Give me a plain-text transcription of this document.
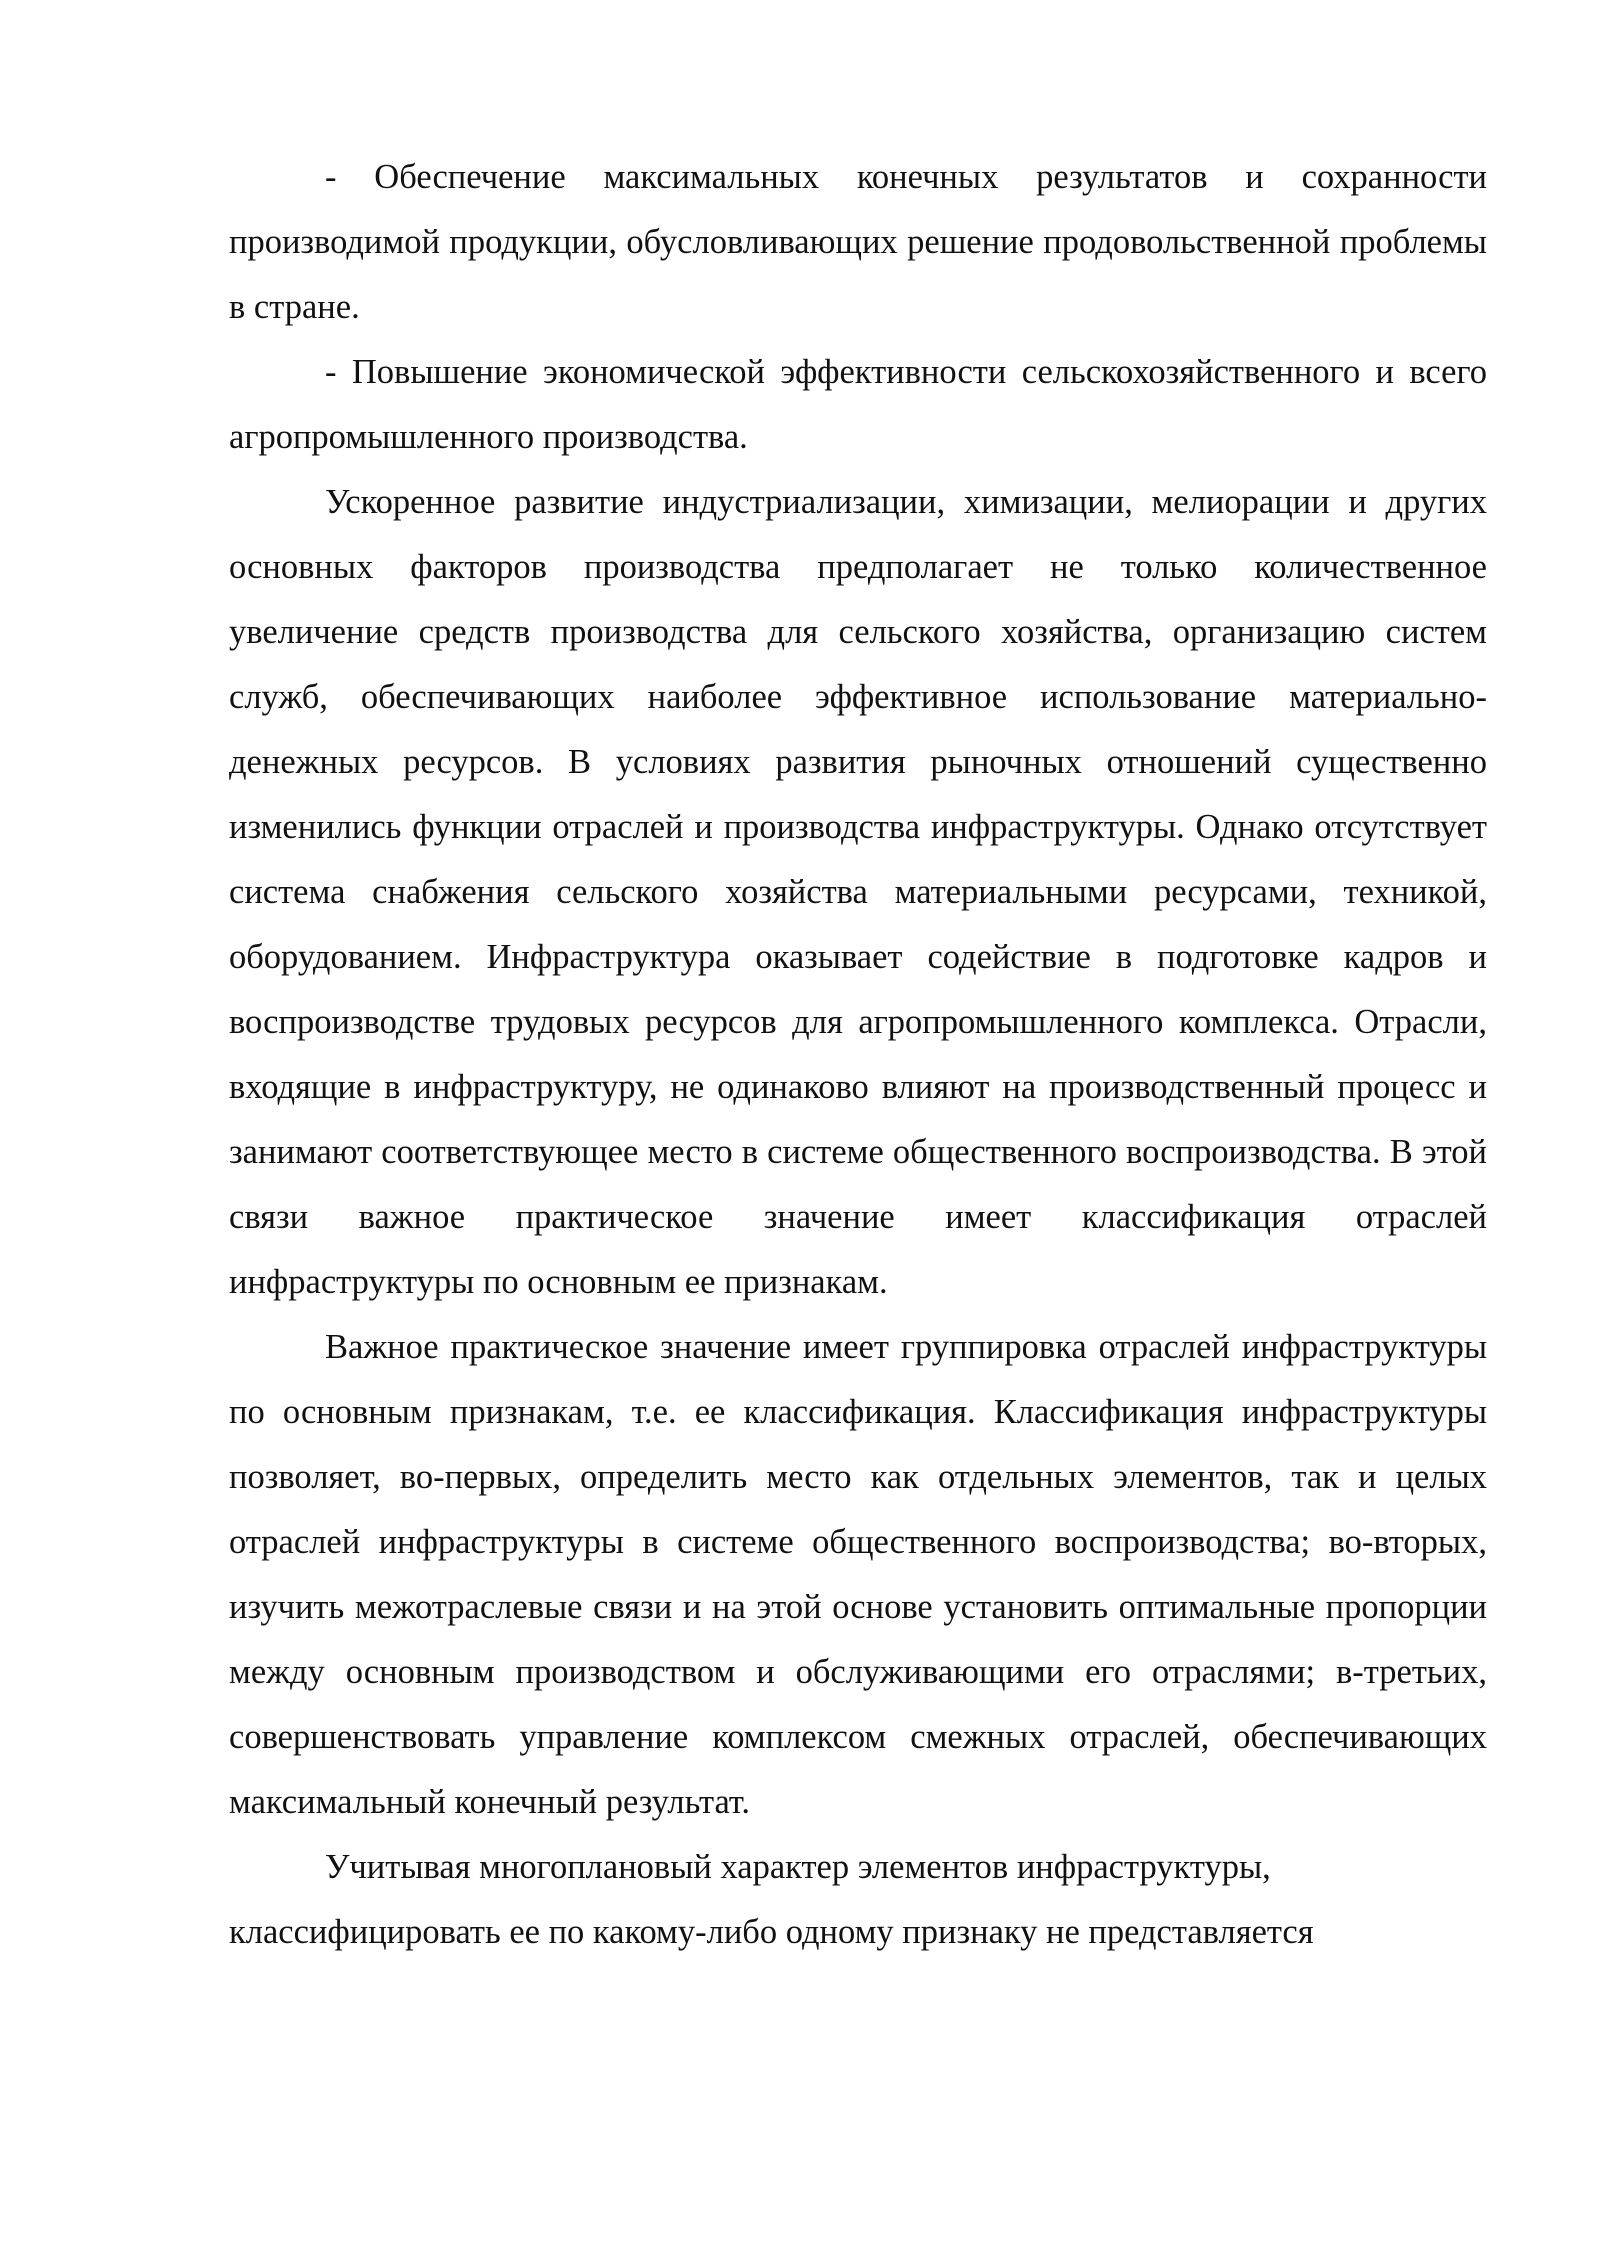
- Обеспечение максимальных конечных результатов и сохранности производимой продукции, обусловливающих решение продовольственной проблемы в стране.

- Повышение экономической эффективности сельскохозяйственного и всего агропромышленного производства.

Ускоренное развитие индустриализации, химизации, мелиорации и других основных факторов производства предполагает не только количественное увеличение средств производства для сельского хозяйства, организацию систем служб, обеспечивающих наиболее эффективное использование материально-денежных ресурсов. В условиях развития рыночных отношений существенно изменились функции отраслей и производства инфраструктуры. Однако отсутствует система снабжения сельского хозяйства материальными ресурсами, техникой, оборудованием. Инфраструктура оказывает содействие в подготовке кадров и воспроизводстве трудовых ресурсов для агропромышленного комплекса. Отрасли, входящие в инфраструктуру, не одинаково влияют на производственный процесс и занимают соответствующее место в системе общественного воспроизводства. В этой связи важное практическое значение имеет классификация отраслей инфраструктуры по основным ее признакам.

Важное практическое значение имеет группировка отраслей инфраструктуры по основным признакам, т.е. ее классификация. Классификация инфраструктуры позволяет, во-первых, определить место как отдельных элементов, так и целых отраслей инфраструктуры в системе общественного воспроизводства; во-вторых, изучить межотраслевые связи и на этой основе установить оптимальные пропорции между основным производством и обслуживающими его отраслями; в-третьих, совершенствовать управление комплексом смежных отраслей, обеспечивающих максимальный конечный результат.

Учитывая многоплановый характер элементов инфраструктуры, классифицировать ее по какому-либо одному признаку не представляется
